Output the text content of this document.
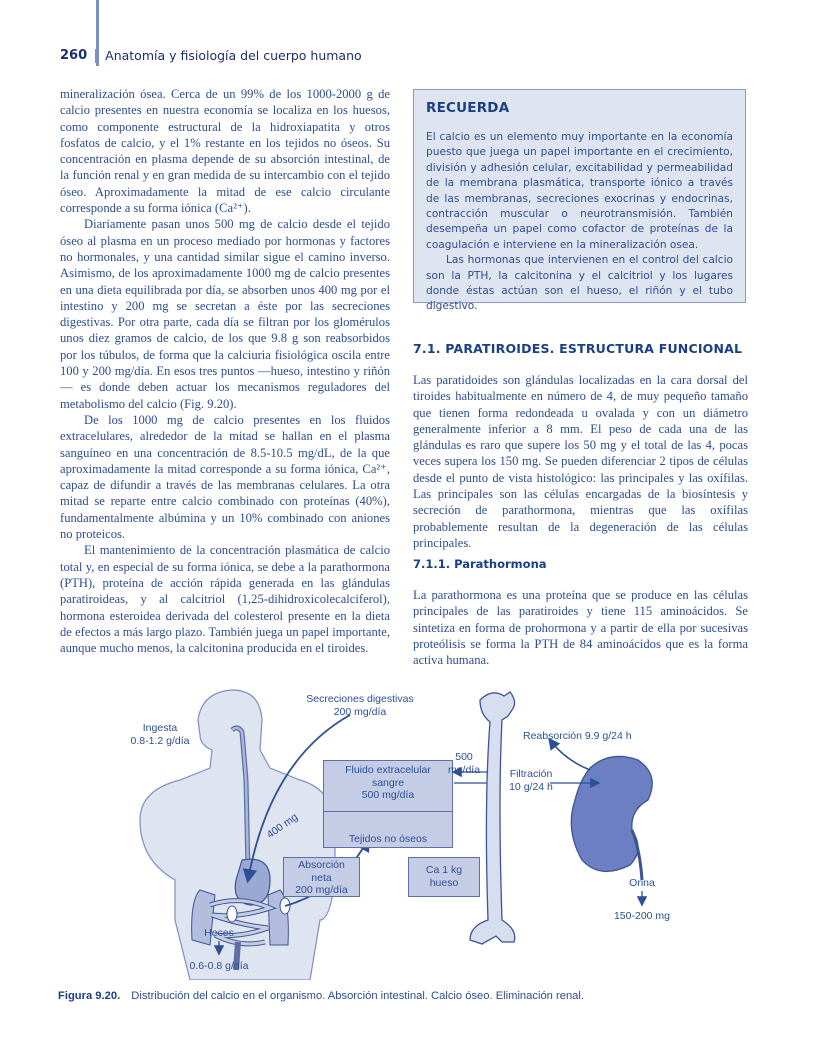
260 Anatomía y fisiología del cuerpo humano

mineralización ósea. Cerca de un 99% de los 1000-2000 g de calcio presentes en nuestra economía se localiza en los huesos, como componente estructural de la hidroxiapatita y otros fosfatos de calcio, y el 1% restante en los tejidos no óseos. Su concentración en plasma depende de su absorción intestinal, de la función renal y en gran medida de su intercambio con el tejido óseo. Aproximadamente la mitad de ese calcio circulante corresponde a su forma iónica (Ca²⁺).

Diariamente pasan unos 500 mg de calcio desde el tejido óseo al plasma en un proceso mediado por hormonas y factores no hormonales, y una cantidad similar sigue el camino inverso. Asimismo, de los aproximadamente 1000 mg de calcio presentes en una dieta equilibrada por día, se absorben unos 400 mg por el intestino y 200 mg se secretan a éste por las secreciones digestivas. Por otra parte, cada día se filtran por los glomérulos unos diez gramos de calcio, de los que 9.8 g son reabsorbidos por los túbulos, de forma que la calciuria fisiológica oscila entre 100 y 200 mg/día. En esos tres puntos —hueso, intestino y riñón— es donde deben actuar los mecanismos reguladores del metabolismo del calcio (Fig. 9.20).

De los 1000 mg de calcio presentes en los fluidos extracelulares, alrededor de la mitad se hallan en el plasma sanguíneo en una concentración de 8.5-10.5 mg/dL, de la que aproximadamente la mitad corresponde a su forma iónica, Ca²⁺, capaz de difundir a través de las membranas celulares. La otra mitad se reparte entre calcio combinado con proteínas (40%), fundamentalmente albúmina y un 10% combinado con aniones no proteicos.

El mantenimiento de la concentración plasmática de calcio total y, en especial de su forma iónica, se debe a la parathormona (PTH), proteína de acción rápida generada en las glándulas paratiroideas, y al calcitriol (1,25-dihidroxicolecalciferol), hormona esteroidea derivada del colesterol presente en la dieta de efectos a más largo plazo. También juega un papel importante, aunque mucho menos, la calcitonina producida en el tiroides.

RECUERDA

El calcio es un elemento muy importante en la economía puesto que juega un papel importante en el crecimiento, división y adhesión celular, excitabilidad y permeabilidad de la membrana plasmática, transporte iónico a través de las membranas, secreciones exocrinas y endocrinas, contracción muscular o neurotransmisión. También desempeña un papel como cofactor de proteínas de la coagulación e interviene en la mineralización osea.

Las hormonas que intervienen en el control del calcio son la PTH, la calcitonina y el calcitriol y los lugares donde éstas actúan son el hueso, el riñón y el tubo digestivo.

7.1. PARATIROIDES. ESTRUCTURA FUNCIONAL

Las paratidoides son glándulas localizadas en la cara dorsal del tiroides habitualmente en número de 4, de muy pequeño tamaño que tienen forma redondeada u ovalada y con un diámetro generalmente inferior a 8 mm. El peso de cada una de las glándulas es raro que supere los 50 mg y el total de las 4, pocas veces supera los 150 mg. Se pueden diferenciar 2 tipos de células desde el punto de vista histológico: las principales y las oxífilas. Las principales son las células encargadas de la biosíntesis y secreción de parathormona, mientras que las oxífilas probablemente resultan de la degeneración de las células principales.

7.1.1. Parathormona

La parathormona es una proteína que se produce en las células principales de las paratiroides y tiene 115 aminoácidos. Se sintetiza en forma de prohormona y a partir de ella por sucesivas proteólisis se forma la PTH de 84 aminoácidos que es la forma activa humana.

Fluido extracelular
sangre
500 mg/día
Tejidos no óseos
Absorción
neta
200 mg/día
Ca 1 kg
hueso
Ingesta
0.8-1.2 g/día
Secreciones digestivas
200 mg/día
400 mg
500
mg/día
Reabsorción 9.9 g/24 h
Filtración
10 g/24 h
Orina
150-200 mg
Heces
0.6-0.8 g/día
Figura 9.20. Distribución del calcio en el organismo. Absorción intestinal. Calcio óseo. Eliminación renal.
